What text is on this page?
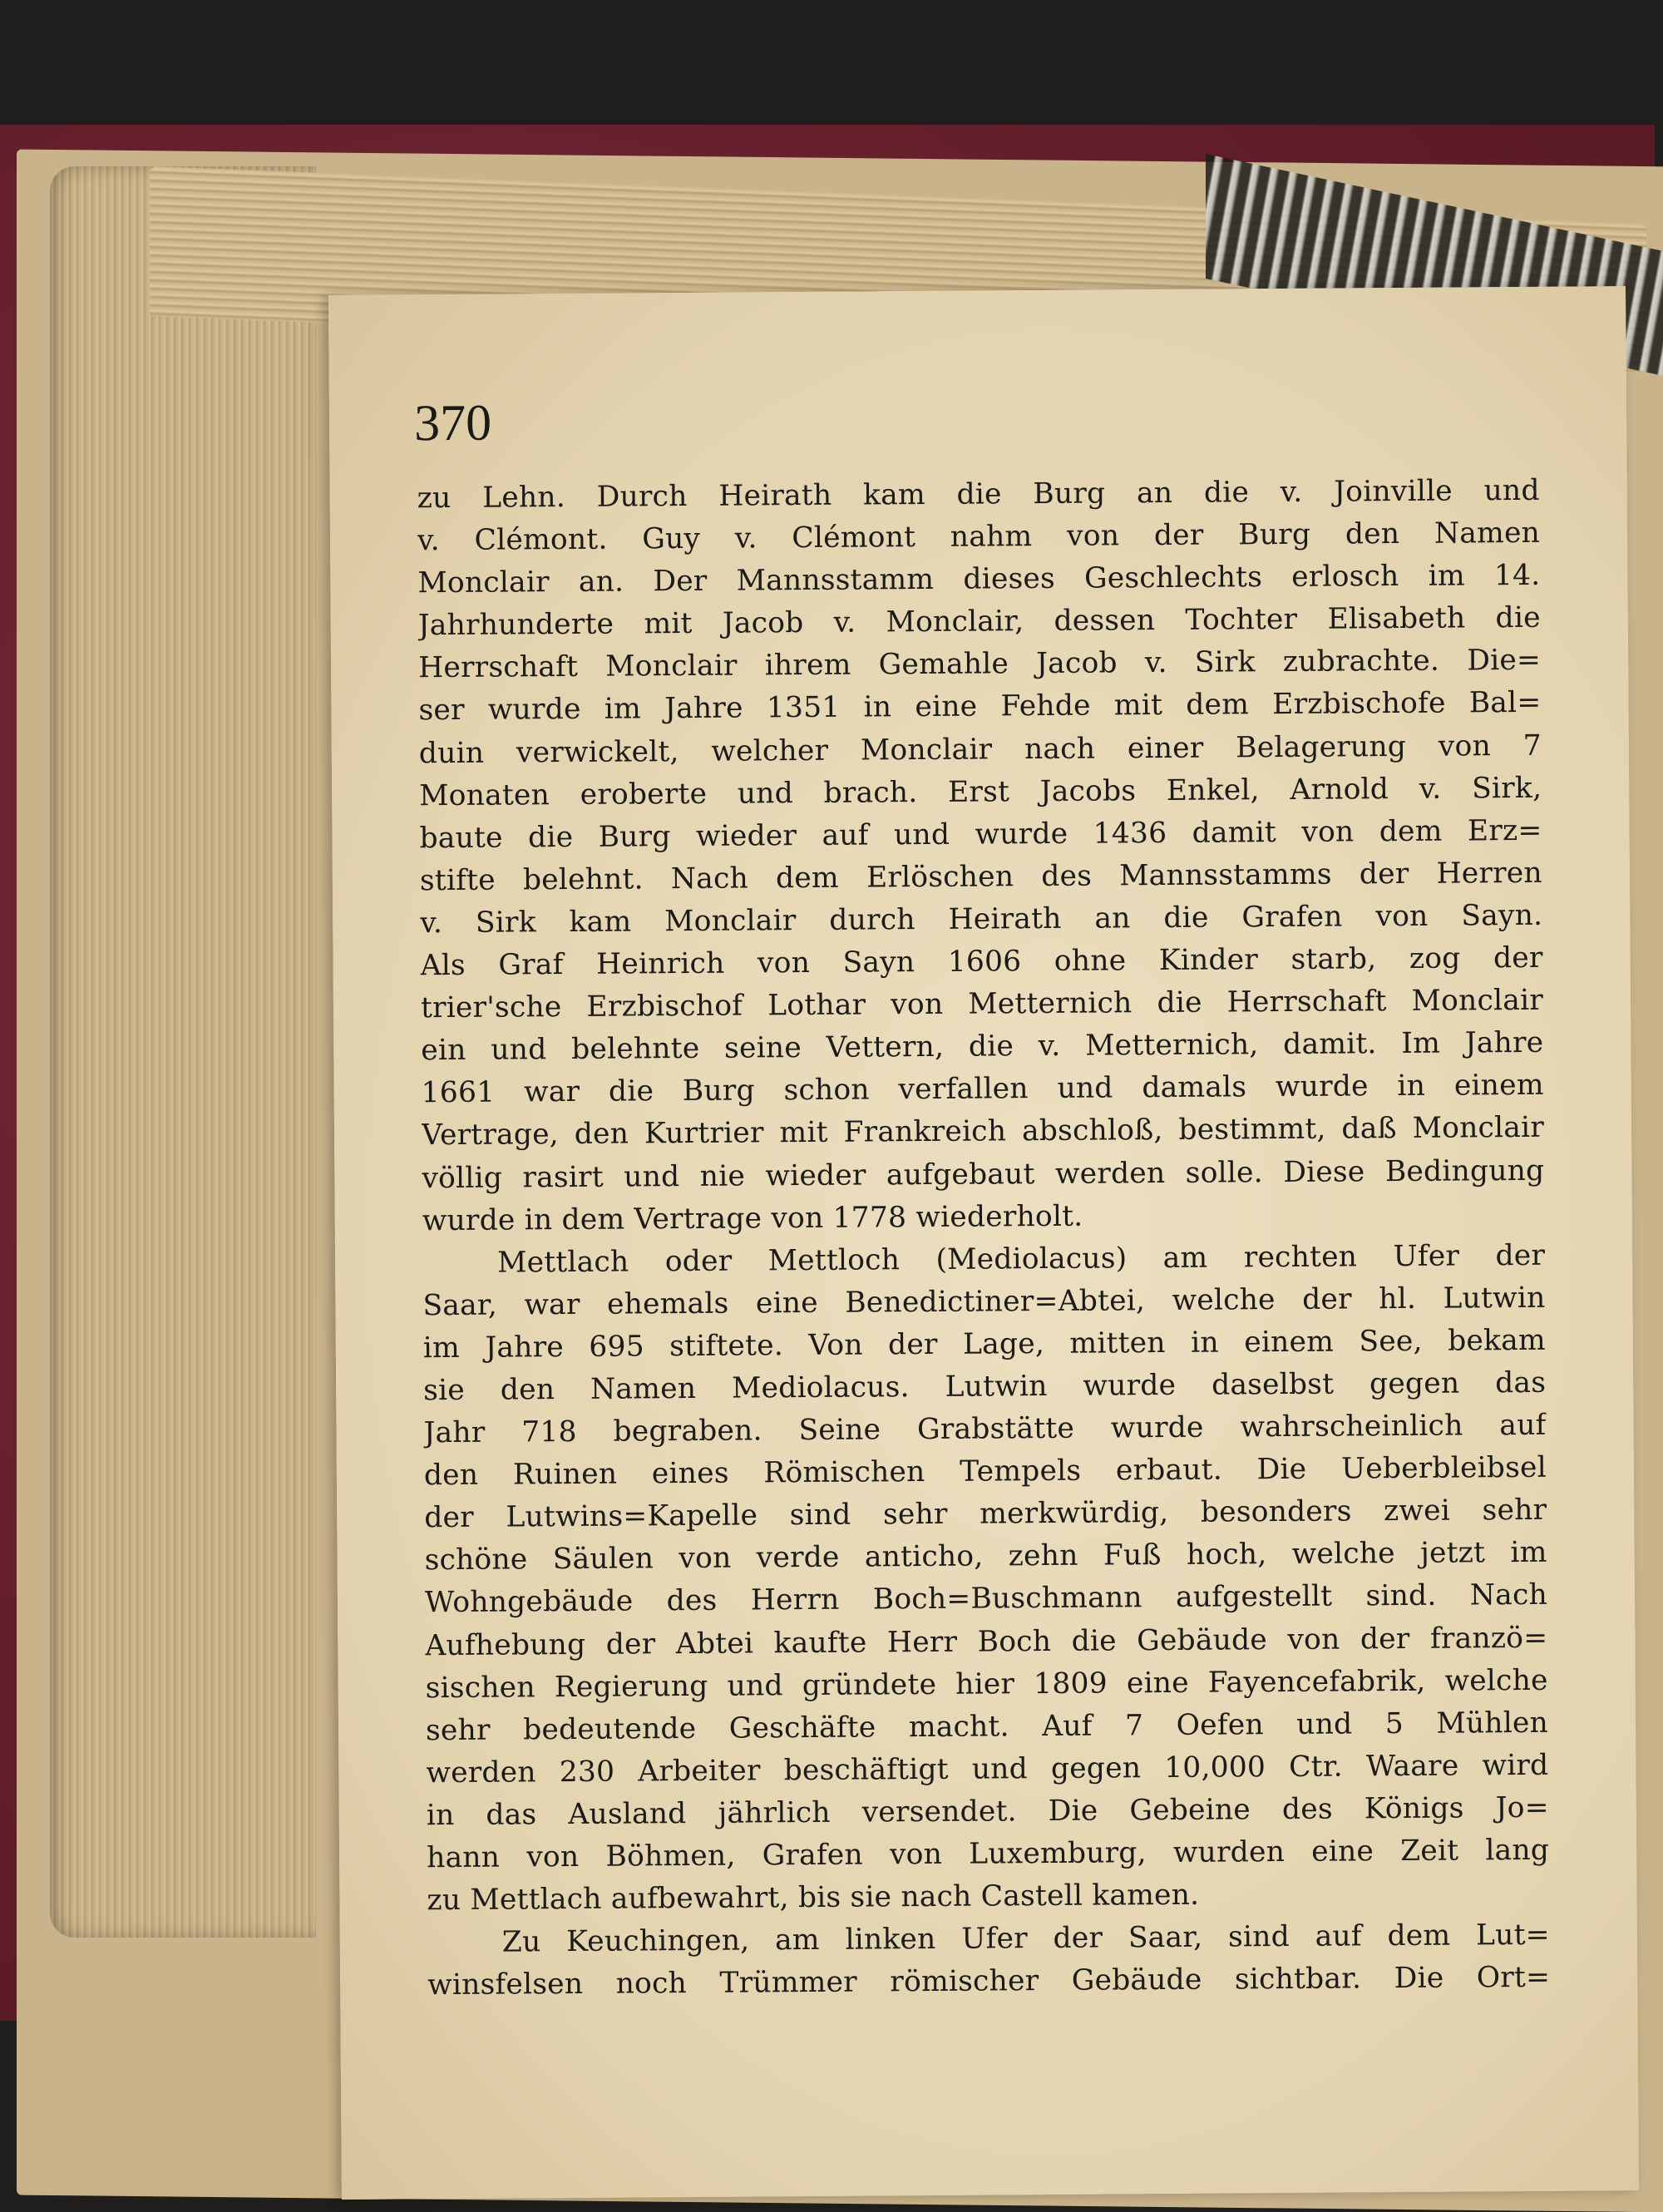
370
zu Lehn. Durch Heirath kam die Burg an die v. Joinville und
v. Clémont. Guy v. Clémont nahm von der Burg den Namen
Monclair an. Der Mannsstamm dieses Geschlechts erlosch im 14.
Jahrhunderte mit Jacob v. Monclair, dessen Tochter Elisabeth die
Herrschaft Monclair ihrem Gemahle Jacob v. Sirk zubrachte. Die=
ser wurde im Jahre 1351 in eine Fehde mit dem Erzbischofe Bal=
duin verwickelt, welcher Monclair nach einer Belagerung von 7
Monaten eroberte und brach. Erst Jacobs Enkel, Arnold v. Sirk,
baute die Burg wieder auf und wurde 1436 damit von dem Erz=
stifte belehnt. Nach dem Erlöschen des Mannsstamms der Herren
v. Sirk kam Monclair durch Heirath an die Grafen von Sayn.
Als Graf Heinrich von Sayn 1606 ohne Kinder starb, zog der
trier'sche Erzbischof Lothar von Metternich die Herrschaft Monclair
ein und belehnte seine Vettern, die v. Metternich, damit. Im Jahre
1661 war die Burg schon verfallen und damals wurde in einem
Vertrage, den Kurtrier mit Frankreich abschloß, bestimmt, daß Monclair
völlig rasirt und nie wieder aufgebaut werden solle. Diese Bedingung
wurde in dem Vertrage von 1778 wiederholt.
Mettlach oder Mettloch (Mediolacus) am rechten Ufer der
Saar, war ehemals eine Benedictiner=Abtei, welche der hl. Lutwin
im Jahre 695 stiftete. Von der Lage, mitten in einem See, bekam
sie den Namen Mediolacus. Lutwin wurde daselbst gegen das
Jahr 718 begraben. Seine Grabstätte wurde wahrscheinlich auf
den Ruinen eines Römischen Tempels erbaut. Die Ueberbleibsel
der Lutwins=Kapelle sind sehr merkwürdig, besonders zwei sehr
schöne Säulen von verde anticho, zehn Fuß hoch, welche jetzt im
Wohngebäude des Herrn Boch=Buschmann aufgestellt sind. Nach
Aufhebung der Abtei kaufte Herr Boch die Gebäude von der franzö=
sischen Regierung und gründete hier 1809 eine Fayencefabrik, welche
sehr bedeutende Geschäfte macht. Auf 7 Oefen und 5 Mühlen
werden 230 Arbeiter beschäftigt und gegen 10,000 Ctr. Waare wird
in das Ausland jährlich versendet. Die Gebeine des Königs Jo=
hann von Böhmen, Grafen von Luxemburg, wurden eine Zeit lang
zu Mettlach aufbewahrt, bis sie nach Castell kamen.
Zu Keuchingen, am linken Ufer der Saar, sind auf dem Lut=
winsfelsen noch Trümmer römischer Gebäude sichtbar. Die Ort=
